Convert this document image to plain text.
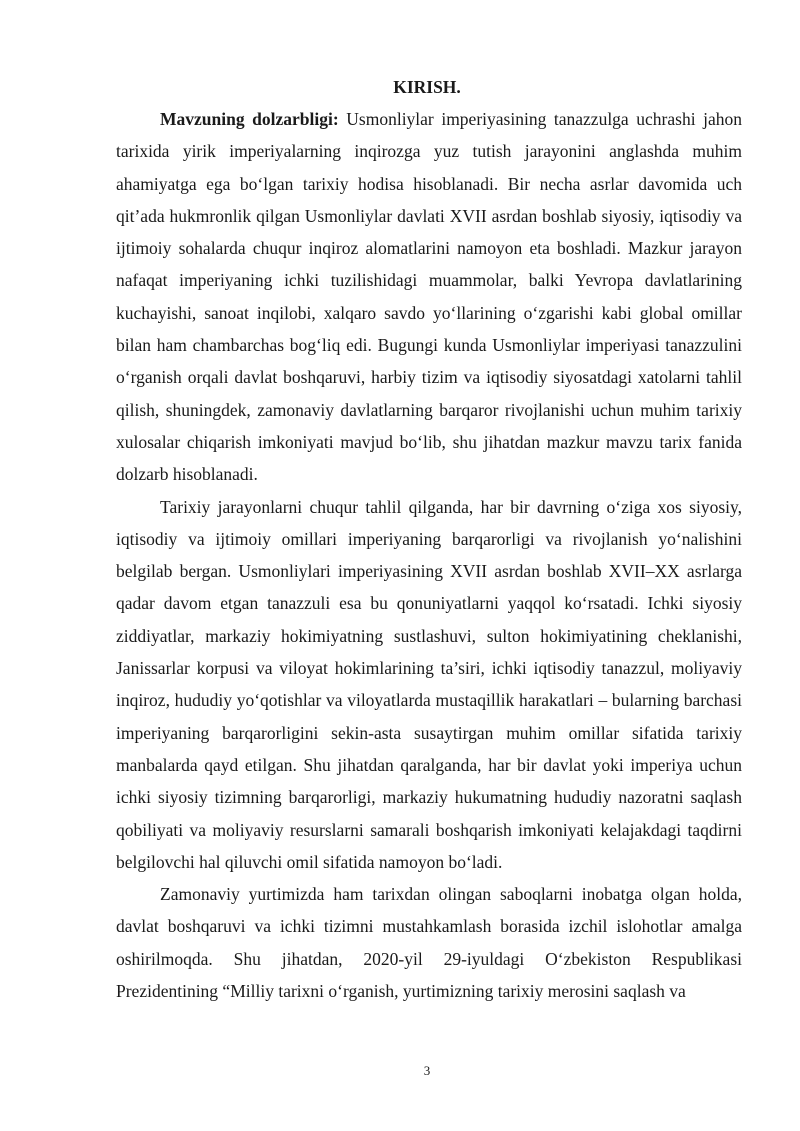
KIRISH.

Mavzuning dolzarbligi: Usmonliylar imperiyasining tanazzulga uchrashi jahon tarixida yirik imperiyalarning inqirozga yuz tutish jarayonini anglashda muhim ahamiyatga ega bo‘lgan tarixiy hodisa hisoblanadi. Bir necha asrlar davomida uch qit’ada hukmronlik qilgan Usmonliylar davlati XVII asrdan boshlab siyosiy, iqtisodiy va ijtimoiy sohalarda chuqur inqiroz alomatlarini namoyon eta boshladi. Mazkur jarayon nafaqat imperiyaning ichki tuzilishidagi muammolar, balki Yevropa davlatlarining kuchayishi, sanoat inqilobi, xalqaro savdo yo‘llarining o‘zgarishi kabi global omillar bilan ham chambarchas bog‘liq edi. Bugungi kunda Usmonliylar imperiyasi tanazzulini o‘rganish orqali davlat boshqaruvi, harbiy tizim va iqtisodiy siyosatdagi xatolarni tahlil qilish, shuningdek, zamonaviy davlatlarning barqaror rivojlanishi uchun muhim tarixiy xulosalar chiqarish imkoniyati mavjud bo‘lib, shu jihatdan mazkur mavzu tarix fanida dolzarb hisoblanadi.

Tarixiy jarayonlarni chuqur tahlil qilganda, har bir davrning o‘ziga xos siyosiy, iqtisodiy va ijtimoiy omillari imperiyaning barqarorligi va rivojlanish yo‘nalishini belgilab bergan. Usmonliylari imperiyasining XVII asrdan boshlab XVII–XX asrlarga qadar davom etgan tanazzuli esa bu qonuniyatlarni yaqqol ko‘rsatadi. Ichki siyosiy ziddiyatlar, markaziy hokimiyatning sustlashuvi, sulton hokimiyatining cheklanishi, Janissarlar korpusi va viloyat hokimlarining ta’siri, ichki iqtisodiy tanazzul, moliyaviy inqiroz, hududiy yo‘qotishlar va viloyatlarda mustaqillik harakatlari – bularning barchasi imperiyaning barqarorligini sekin-asta susaytirgan muhim omillar sifatida tarixiy manbalarda qayd etilgan. Shu jihatdan qaralganda, har bir davlat yoki imperiya uchun ichki siyosiy tizimning barqarorligi, markaziy hukumatning hududiy nazoratni saqlash qobiliyati va moliyaviy resurslarni samarali boshqarish imkoniyati kelajakdagi taqdirni belgilovchi hal qiluvchi omil sifatida namoyon bo‘ladi.

Zamonaviy yurtimizda ham tarixdan olingan saboqlarni inobatga olgan holda, davlat boshqaruvi va ichki tizimni mustahkamlash borasida izchil islohotlar amalga oshirilmoqda. Shu jihatdan, 2020-yil 29-iyuldagi O‘zbekiston Respublikasi Prezidentining “Milliy tarixni o‘rganish, yurtimizning tarixiy merosini saqlash va

3
